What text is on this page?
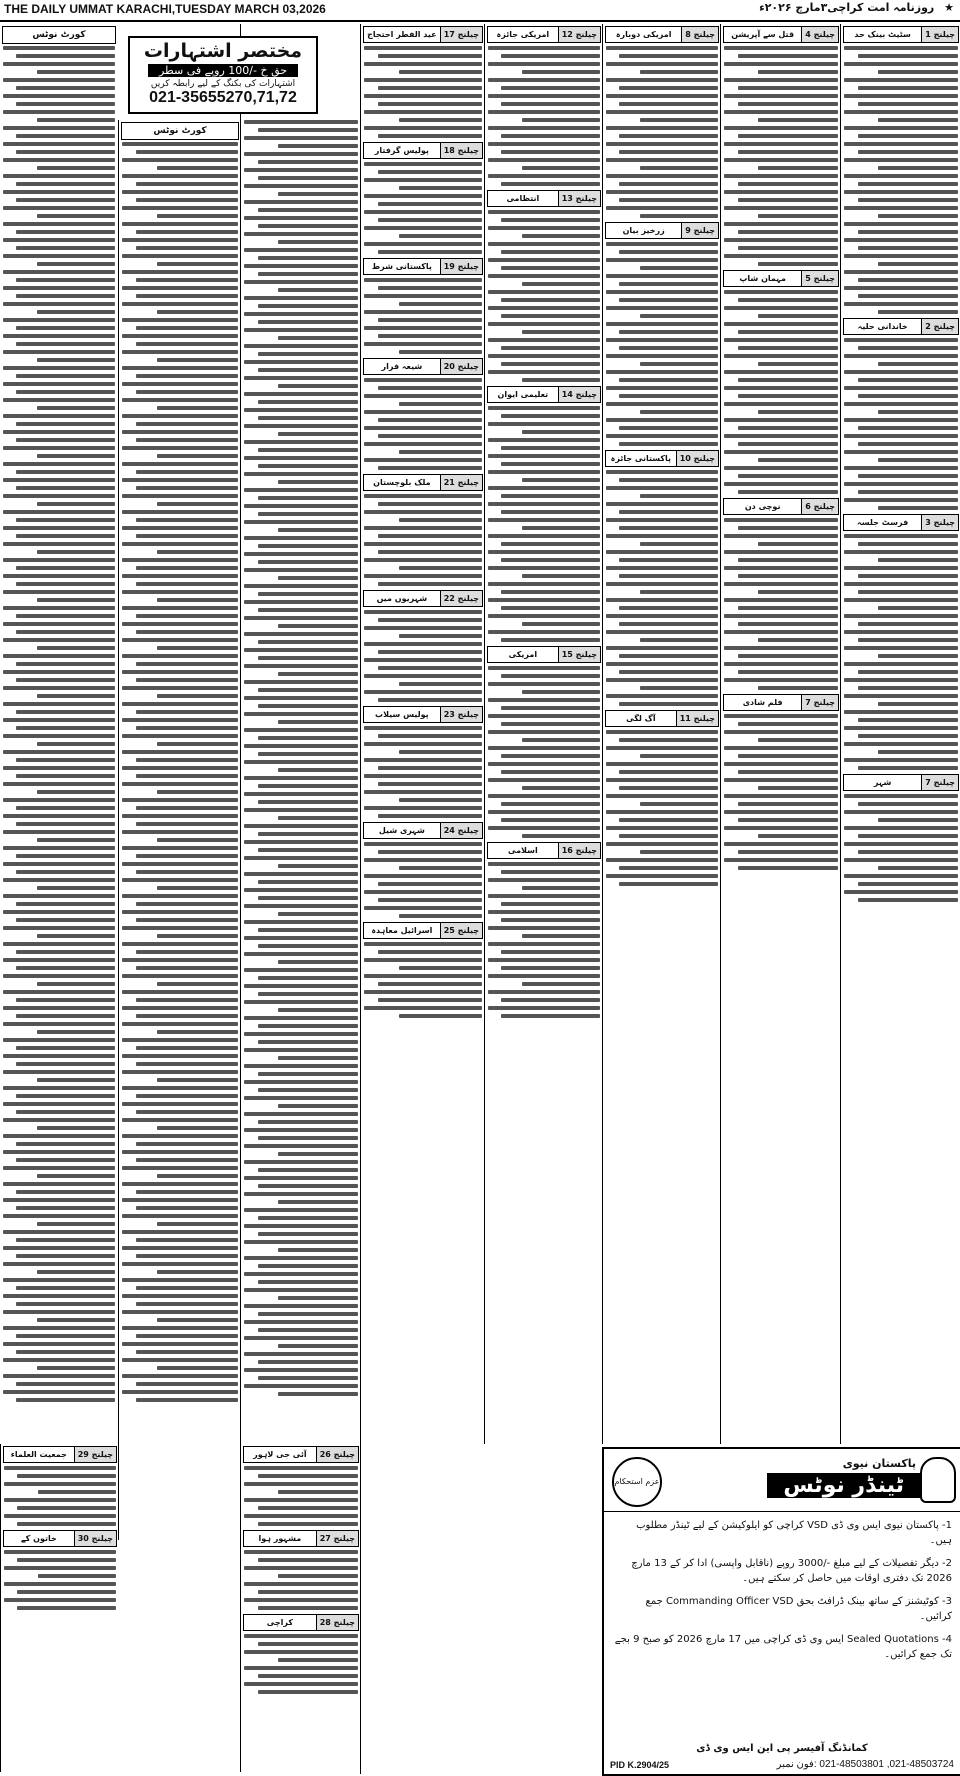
THE DAILY UMMAT KARACHI,TUESDAY MARCH 03,2026	★ روزنامہ امت کراچی۳مارچ ۲۰۲۶ء
کورٹ نوٹس
کورٹ نوٹس
مختصر اشتہارات
حق خ -/100 روپے فی سطر
اشتہارات کی بکنگ کے لیے رابطہ کریں
021-35655270,71,72
چیلنج 17
عید الفطر احتجاج
چیلنج 18
پولیس گرفتار
چیلنج 19
پاکستانی شرط
چیلنج 20
شیعہ فرار
چیلنج 21
ملک بلوچستان
چیلنج 22
شہریوں میں
چیلنج 23
پولیس سیلاب
چیلنج 24
شہری شیل
چیلنج 25
اسرائیل معاہدہ
چیلنج 12
امریکی جائزہ
چیلنج 13
انتظامی
چیلنج 14
تعلیمی ایوان
چیلنج 15
امریکی
چیلنج 16
اسلامی
چیلنج 8
امریکی دوبارہ
چیلنج 9
زرخیز بیان
چیلنج 10
پاکستانی جائزہ
چیلنج 11
آگ لگی
چیلنج 4
قتل سے آپریشن
چیلنج 5
مہمان شاپ
چیلنج 6
نوچی دن
چیلنج 7
فلم شادی
چیلنج 1
سٹیٹ بینک حد
چیلنج 2
خاندانی حلیہ
چیلنج 3
فرسٹ جلسہ
چیلنج 7
شہر
چیلنج 29
جمعیت العلماء
چیلنج 30
خاتون کے
چیلنج 26
آئی جی لاہور
چیلنج 27
مشہور ہوا
چیلنج 28
کراچی
عزم استحکام
پاکستان نیوی
ٹینڈر نوٹس
1- پاکستان نیوی ایس وی ڈی VSD کراچی کو ایلوکیشن کے لیے ٹینڈر مطلوب ہیں۔
2- دیگر تفصیلات کے لیے مبلغ -/3000 روپے (ناقابل واپسی) ادا کر کے 13 مارچ 2026 تک دفتری اوقات میں حاصل کر سکتے ہیں۔
3- کوٹیشنز کے ساتھ بینک ڈرافٹ بحق Commanding Officer VSD جمع کرائیں۔
4- Sealed Quotations ایس وی ڈی کراچی میں 17 مارچ 2026 کو صبح 9 بجے تک جمع کرائیں۔
کمانڈنگ آفیسر پی این ایس وی ڈی
021-48503724, 021-48503801 :فون نمبر
PID K.2904/25
